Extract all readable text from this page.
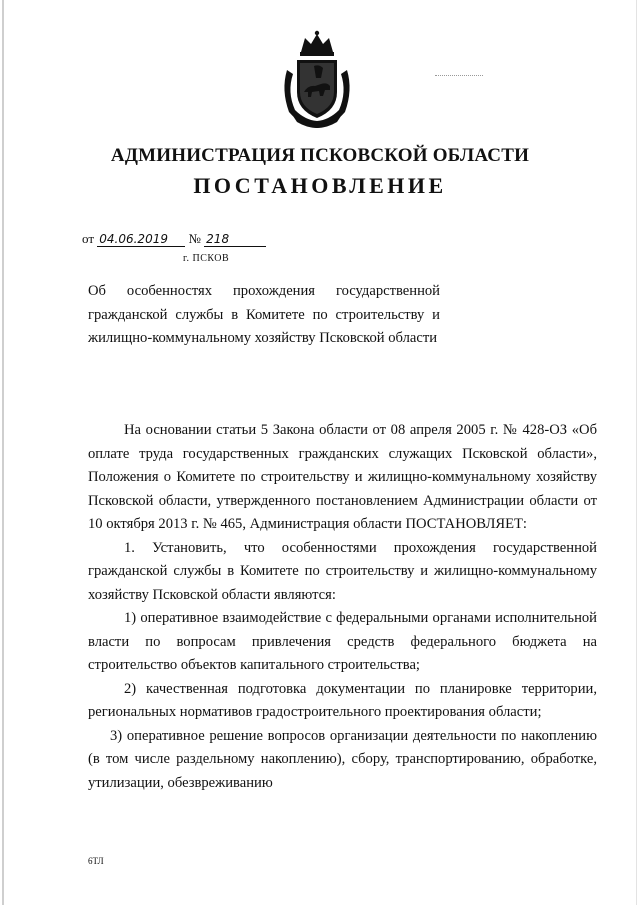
АДМИНИСТРАЦИЯ ПСКОВСКОЙ ОБЛАСТИ
ПОСТАНОВЛЕНИЕ
от 04.06.2019 № 218
г. ПСКОВ
Об особенностях прохождения государственной гражданской службы в Комитете по строительству и жилищно-коммунальному хозяйству Псковской области

На основании статьи 5 Закона области от 08 апреля 2005 г. № 428-ОЗ «Об оплате труда государственных гражданских служащих Псковской области», Положения о Комитете по строительству и жилищно-коммунальному хозяйству Псковской области, утвержденного постановлением Администрации области от 10 октября 2013 г. № 465, Администрация области ПОСТАНОВЛЯЕТ:

1. Установить, что особенностями прохождения государственной гражданской службы в Комитете по строительству и жилищно-коммунальному хозяйству Псковской области являются:

1) оперативное взаимодействие с федеральными органами исполнительной власти по вопросам привлечения средств федерального бюджета на строительство объектов капитального строительства;

2) качественная подготовка документации по планировке территории, региональных нормативов градостроительного проектирования области;

3) оперативное решение вопросов организации деятельности по накоплению (в том числе раздельному накоплению), сбору, транспортированию, обработке, утилизации, обезвреживанию

6ТЛ
